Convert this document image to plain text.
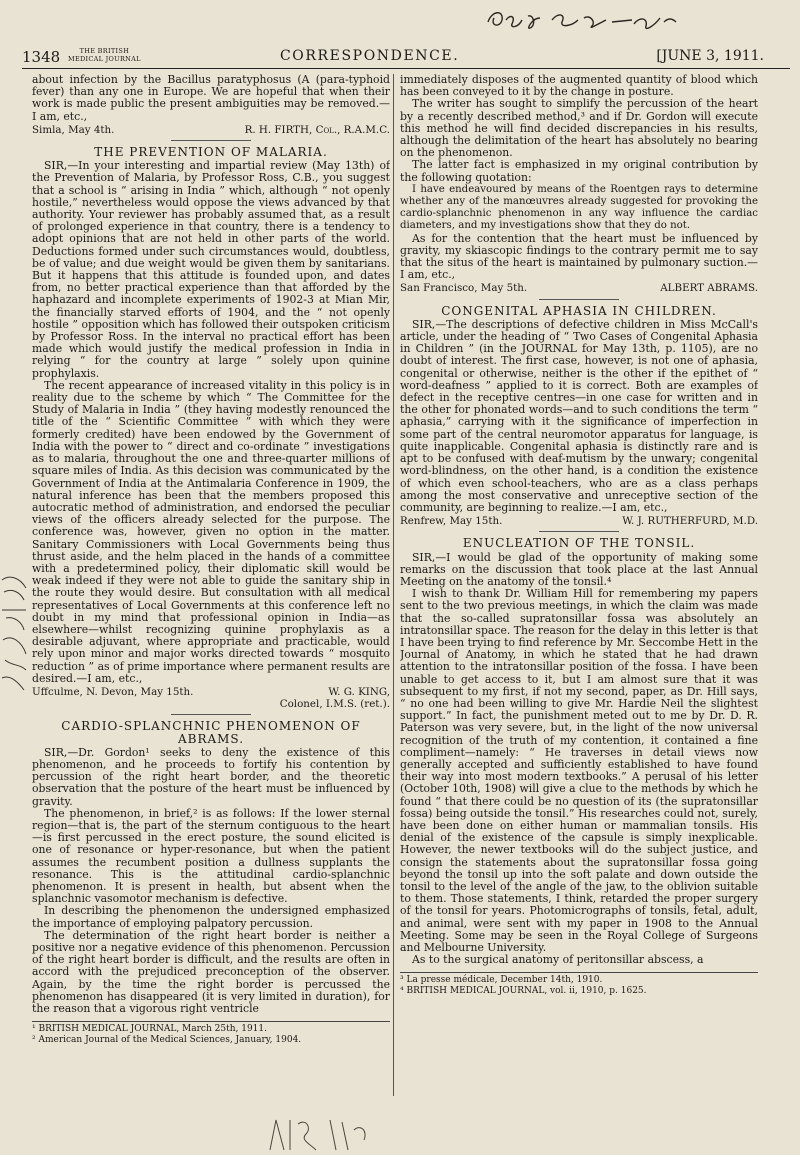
1348	THE BRITISH
MEDICAL JOURNAL	CORRESPONDENCE.	[JUNE 3, 1911.

about infection by the Bacillus paratyphosus (A (para-typhoid fever) than any one in Europe. We are hopeful that when their work is made public the present ambiguities may be removed.—I am, etc.,

Simla, May 4th.	R. H. FIRTH, Col., R.A.M.C.
THE PREVENTION OF MALARIA.

SIR,—In your interesting and impartial review (May 13th) of the Prevention of Malaria, by Professor Ross, C.B., you suggest that a school is “ arising in India ” which, although “ not openly hostile,” nevertheless would oppose the views advanced by that authority. Your reviewer has probably assumed that, as a result of prolonged experience in that country, there is a tendency to adopt opinions that are not held in other parts of the world. Deductions formed under such circumstances would, doubtless, be of value; and due weight would be given them by sanitarians. But it happens that this attitude is founded upon, and dates from, no better practical experience than that afforded by the haphazard and incomplete experiments of 1902-3 at Mian Mir, the financially starved efforts of 1904, and the “ not openly hostile ” opposition which has followed their outspoken criticism by Professor Ross. In the interval no practical effort has been made which would justify the medical profession in India in relying “ for the country at large ” solely upon quinine prophylaxis.

The recent appearance of increased vitality in this policy is in reality due to the scheme by which “ The Committee for the Study of Malaria in India ” (they having modestly renounced the title of the “ Scientific Committee ” with which they were formerly credited) have been endowed by the Government of India with the power to “ direct and co-ordinate ” investigations as to malaria, throughout the one and three-quarter millions of square miles of India. As this decision was communicated by the Government of India at the Antimalaria Conference in 1909, the natural inference has been that the members proposed this autocratic method of administration, and endorsed the peculiar views of the officers already selected for the purpose. The conference was, however, given no option in the matter. Sanitary Commissioners with Local Governments being thus thrust aside, and the helm placed in the hands of a committee with a predetermined policy, their diplomatic skill would be weak indeed if they were not able to guide the sanitary ship in the route they would desire. But consultation with all medical representatives of Local Governments at this conference left no doubt in my mind that professional opinion in India—as elsewhere—whilst recognizing quinine prophylaxis as a desirable adjuvant, where appropriate and practicable, would rely upon minor and major works directed towards “ mosquito reduction ” as of prime importance where permanent results are desired.—I am, etc.,

Uffculme, N. Devon, May 15th.	W. G. KING,
Colonel, I.M.S. (ret.).
CARDIO-SPLANCHNIC PHENOMENON OF ABRAMS.

SIR,—Dr. Gordon¹ seeks to deny the existence of this phenomenon, and he proceeds to fortify his contention by percussion of the right heart border, and the theoretic observation that the posture of the heart must be influenced by gravity.

The phenomenon, in brief,² is as follows: If the lower sternal region—that is, the part of the sternum contiguous to the heart—is first percussed in the erect posture, the sound elicited is one of resonance or hyper-resonance, but when the patient assumes the recumbent position a dullness supplants the resonance. This is the attitudinal cardio-splanchnic phenomenon. It is present in health, but absent when the splanchnic vasomotor mechanism is defective.

In describing the phenomenon the undersigned emphasized the importance of employing palpatory percussion.

The determination of the right heart border is neither a positive nor a negative evidence of this phenomenon. Percussion of the right heart border is difficult, and the results are often in accord with the prejudiced preconception of the observer. Again, by the time the right border is percussed the phenomenon has disappeared (it is very limited in duration), for the reason that a vigorous right ventricle

¹ BRITISH MEDICAL JOURNAL, March 25th, 1911.
² American Journal of the Medical Sciences, January, 1904.

immediately disposes of the augmented quantity of blood which has been conveyed to it by the change in posture.

The writer has sought to simplify the percussion of the heart by a recently described method,³ and if Dr. Gordon will execute this method he will find decided discrepancies in his results, although the delimitation of the heart has absolutely no bearing on the phenomenon.

The latter fact is emphasized in my original contribution by the following quotation:

I have endeavoured by means of the Roentgen rays to determine whether any of the manœuvres already suggested for provoking the cardio-splanchnic phenomenon in any way influence the cardiac diameters, and my investigations show that they do not.

As for the contention that the heart must be influenced by gravity, my skiascopic findings to the contrary permit me to say that the situs of the heart is maintained by pulmonary suction.—I am, etc.,

San Francisco, May 5th.	ALBERT ABRAMS.
CONGENITAL APHASIA IN CHILDREN.

SIR,—The descriptions of defective children in Miss McCall's article, under the heading of “ Two Cases of Congenital Aphasia in Children ” (in the JOURNAL for May 13th, p. 1105), are no doubt of interest. The first case, however, is not one of aphasia, congenital or otherwise, neither is the other if the epithet of “ word-deafness ” applied to it is correct. Both are examples of defect in the receptive centres—in one case for written and in the other for phonated words—and to such conditions the term “ aphasia,” carrying with it the significance of imperfection in some part of the central neuromotor apparatus for language, is quite inapplicable. Congenital aphasia is distinctly rare and is apt to be confused with deaf-mutism by the unwary; congenital word-blindness, on the other hand, is a condition the existence of which even school-teachers, who are as a class perhaps among the most conservative and unreceptive section of the community, are beginning to realize.—I am, etc.,

Renfrew, May 15th.	W. J. RUTHERFURD, M.D.
ENUCLEATION OF THE TONSIL.

SIR,—I would be glad of the opportunity of making some remarks on the discussion that took place at the last Annual Meeting on the anatomy of the tonsil.⁴

I wish to thank Dr. William Hill for remembering my papers sent to the two previous meetings, in which the claim was made that the so-called supratonsillar fossa was absolutely an intratonsillar space. The reason for the delay in this letter is that I have been trying to find reference by Mr. Seccombe Hett in the Journal of Anatomy, in which he stated that he had drawn attention to the intratonsillar position of the fossa. I have been unable to get access to it, but I am almost sure that it was subsequent to my first, if not my second, paper, as Dr. Hill says, “ no one had been willing to give Mr. Hardie Neil the slightest support.” In fact, the punishment meted out to me by Dr. D. R. Paterson was very severe, but, in the light of the now universal recognition of the truth of my contention, it contained a fine compliment—namely: “ He traverses in detail views now generally accepted and sufficiently established to have found their way into most modern textbooks.” A perusal of his letter (October 10th, 1908) will give a clue to the methods by which he found “ that there could be no question of its (the supratonsillar fossa) being outside the tonsil.” His researches could not, surely, have been done on either human or mammalian tonsils. His denial of the existence of the capsule is simply inexplicable. However, the newer textbooks will do the subject justice, and consign the statements about the supratonsillar fossa going beyond the tonsil up into the soft palate and down outside the tonsil to the level of the angle of the jaw, to the oblivion suitable to them. Those statements, I think, retarded the proper surgery of the tonsil for years. Photomicrographs of tonsils, fetal, adult, and animal, were sent with my paper in 1908 to the Annual Meeting. Some may be seen in the Royal College of Surgeons and Melbourne University.

As to the surgical anatomy of peritonsillar abscess, a

³ La presse médicale, December 14th, 1910.
⁴ BRITISH MEDICAL JOURNAL, vol. ii, 1910, p. 1625.
